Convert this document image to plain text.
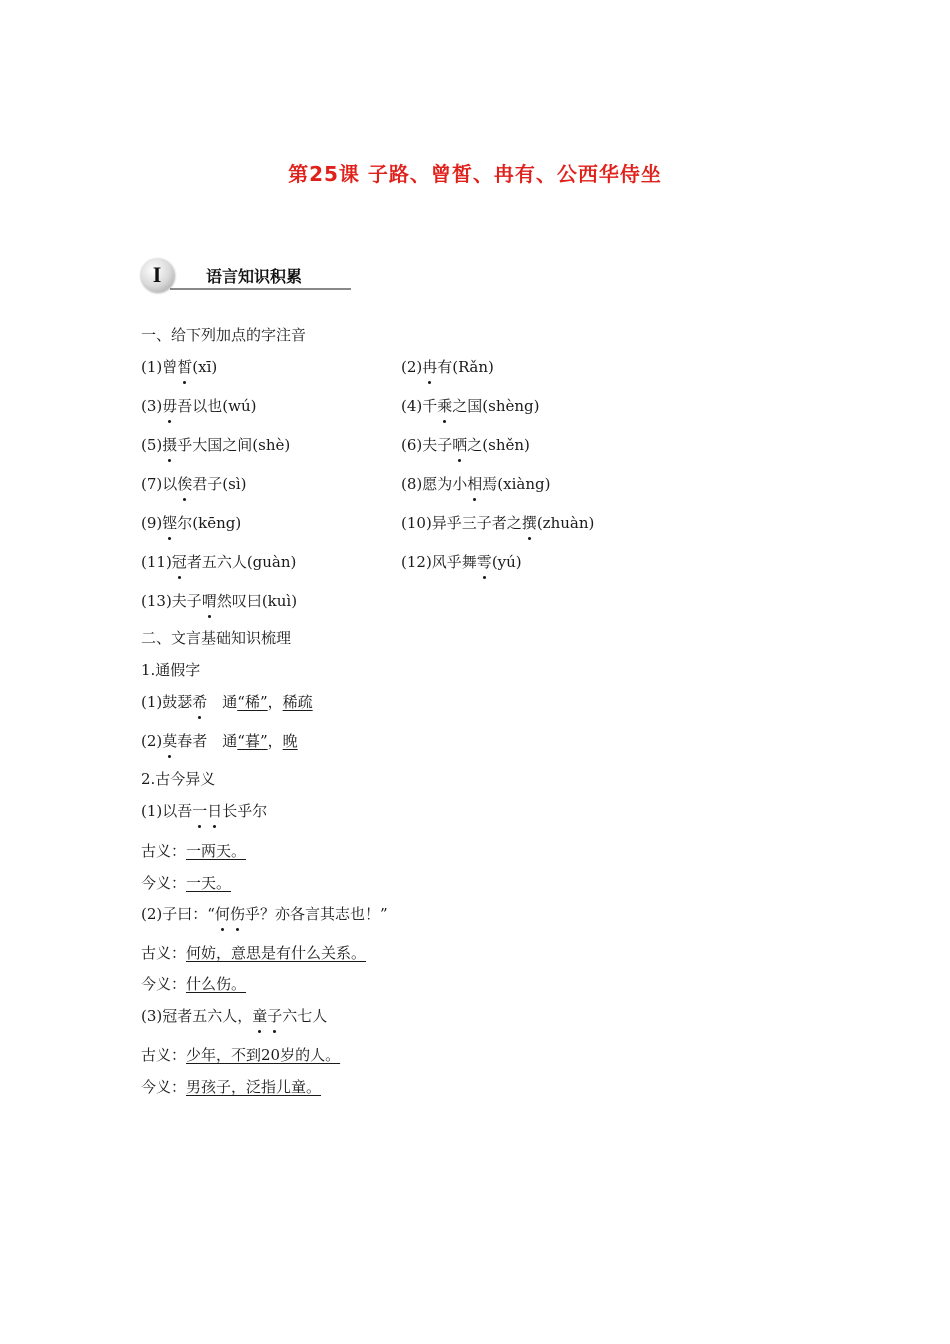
第25课 子路、曾皙、冉有、公西华侍坐
I	语言知识积累
一、给下列加点的字注音
(1)曾皙(xī)	(2)冉有(Rǎn)
(3)毋吾以也(wú)	(4)千乘之国(shèng)
(5)摄乎大国之间(shè)	(6)夫子哂之(shěn)
(7)以俟君子(sì)	(8)愿为小相焉(xiàng)
(9)铿尔(kēng)	(10)异乎三子者之撰(zhuàn)
(11)冠者五六人(guàn)	(12)风乎舞雩(yú)
(13)夫子喟然叹曰(kuì)
二、文言基础知识梳理
1.通假字
(1)鼓瑟希　通“稀”，稀疏
(2)莫春者　通“暮”，晚
2.古今异义
(1)以吾一日长乎尔
古义：一两天。
今义：一天。
(2)子曰：“何伤乎？亦各言其志也！”
古义：何妨，意思是有什么关系。
今义：什么伤。
(3)冠者五六人，童子六七人
古义：少年，不到20岁的人。
今义：男孩子，泛指儿童。
